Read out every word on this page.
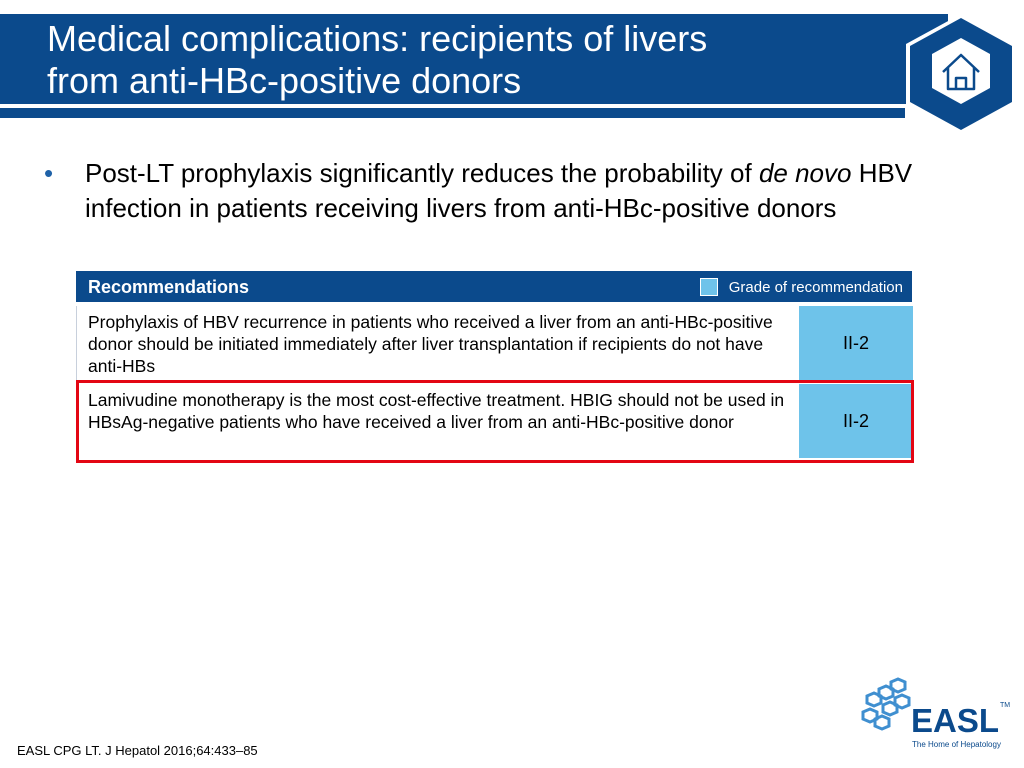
Medical complications: recipients of livers
from anti-HBc-positive donors
• Post-LT prophylaxis significantly reduces the probability of de novo HBV infection in patients receiving livers from anti-HBc-positive donors
Recommendations	Grade of recommendation
Prophylaxis of HBV recurrence in patients who received a liver from an anti-HBc-positive donor should be initiated immediately after liver transplantation if recipients do not have anti-HBs
II-2
Lamivudine monotherapy is the most cost-effective treatment. HBIG should not be used in HBsAg-negative patients who have received a liver from an anti-HBc-positive donor	II-2
EASL CPG LT. J Hepatol 2016;64:433–85
EASL TM
The Home of Hepatology
